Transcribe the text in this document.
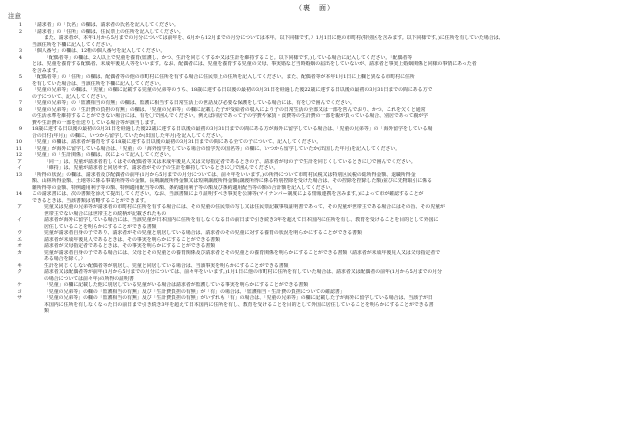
（裏　面）
注意
1 「請求者」の「氏名」の欄は、請求者の氏名を記入してください。
2 「請求者」の「住所」の欄は、住民票上の住所を記入してください。
また、請求者が、本年1月から5月までの月分については前年を、6月から12月までの月分については本年。以下同様です。）1月1日に他の市町村(特別区を含みます。以下同様です。)に住所を有していた場合は、
当該住所を下欄に記入してください。
3 「個人番号」の欄は、12桁の個人番号を記入してください。
4	「配偶者等」の欄は、2人以上で児童を養育(監護し、かつ、生計を同じくするか又は生計を維持すること。以下同様です。)している場合に記入してください。「配偶者等
とは、児童を養育する配偶者、未成年後見人等をいいます。なお、配偶者には、児童を養育する児童の父母、事実婚など当時婚姻の届出をしていないが、請求者と事実上婚姻関係と同様の事情にあった者
を含みます。
5 「配偶者等」の「住所」の欄は、配偶者等の他の市町村に住所を有する場合に住民票上の住所を記入してください。また、配偶者等が本年1月1日に上欄と異なる市町村に住所
を有していた場合は、当該住所を下欄に記入してください。
6 「児童の兄弟等」の欄は、「児童」の欄に記載する児童の兄弟等のうち、18歳に達する日以後の最初の3月31日を経過した後22歳に達する日以後の最初の3月31日までの間にある方で
の子について、記入してください。
7 「児童の兄弟等」の「監護相当の有無」の欄は、監護に相当する日常生活上の世話及び必要な保護をしている場合には、有を〇で囲んでください。
8 「児童の兄弟等」の「生計費の負担の有無」の欄は、「児童の兄弟等」の欄に記載した子が受給者の収入により子の日常生活の全部又は一部を営んでおり、かつ、これを欠くと通常
の生活水準を維持することができない場合には、有を〇で囲んでください。例えば同居であって子の学費や家賃・食費等の生計費の一部を親が負っている場合、別居であって親が学
費や生計費の一部を仕送りしている場合等が該当します。
9 18歳に達する日以後の最初の3月31日を経過した後22歳に達する日以後の最初の3月31日までの間にある方が海外に留学している場合は、「児童の兄弟等」の「海外留学をしている場
合の日付(年月)」の欄に、いつから留学していたか(出国した年月)を記入してください。
10 「児童」の欄は、請求者が養育をする18歳に達する日以後の最初の3月31日までの間にある全ての子について、記入してください。
11 「児童」が海外に留学している場合は、「児童」の「海外留学をしている場合の留学先の国名等」の欄に、いつから留学していたか(出国した年月)を記入してください。
12 「児童」の「生計関係」の欄は、次によって記入してください。
ア	「同一」は、児童が請求者若しくはその配偶者等又は未成年後見人又は父母指定者であるときの子、請求者が母の子で生計を同じくしているときに〇で囲んでください。
イ	「維持」は、児童が請求者と同居せず、請求者がその子の生計を維持しているときに〇で囲んでください。
13 「所得の状況」の欄は、請求者及び配偶者の前年(1月から5月までの月分については、前々年をいいます。)の所得について市町村民税又は特別区民税の総所得金額、退職所得金
額、山林所得金額、土地等に係る事業所得等の金額、長期譲渡所得金額又は短期譲渡所得金額(譲渡所得に係る特別控除を受けた場合は、その控除を控除した額)並びに先物取引に係る
雑所得等の金額、特例適用利子等の額、特例適用配当等の額、条約適用利子等の額及び条約適用配当等の額の合計額を記入してください。
14 この請求書には、次の書類を添えて提出してください。なお、当該書類により証明すべき事実を公簿等(マイナンバー制度による情報連携を含みます。)によって市が確認することが
できるときは、当該書類は省略することができます。
ア	児童又は児童の兄弟等が請求者の市町村に住所を有する場合には、その児童の住民票の写し又は住民票記載事項証明書であって、その児童が世帯主である場合にはその旨、その児童が
世帯主でない場合には世帯主との続柄が記載されたもの
イ	請求者が海外に留学している場合には、当該児童が日本国内に住所を有しなくなる日の前日まで引き続き3年を超えて日本国内に住所を有し、教育を受けることを目的として外国に
居住していることを明らかにすることができる書類
ウ	児童が請求者自身の子であり、請求者がその児童と別居している場合は、請求者のその児童に対する養育の状況を明らかにすることができる書類
エ	請求者が未成年後見人であるときは、その事実を明らかにすることができる書類
オ	請求者が父母指定者であるときは、その事実を明らかにすることができる書類
カ	児童が請求者自身の子である場合には、父母とその児童との養育関係及び請求者とその児童との養育関係を明らかにすることができる書類（請求者が未成年後見人又は父母指定者で
ある場合を除く。）
キ	生計を同じくしない配偶者等が別居し、児童と同居している場合は、当該事実を明らかにすることができる書類
ク	請求者又は配偶者等が前年(1月から5月までの月分については、前々年をいいます。)1月1日に他の市町村に住所を有していた場合は、請求者又は配偶者の前年(1月から5月までの月分
の場合については前々年)の所得の証明書
ケ	「児童」の欄に記載した他に別居している児童がいる場合は請求者が監護している事実を明らかにすることができる書類
コ	「児童の兄弟等」の欄の「監護相当の有無」及び「生計費負担の有無」が「有」の場合は、「監護相当・生計費の負担についての確認書」
サ	「児童の兄弟等」の欄の「監護相当の有無」及び「生計費負担の有無」がいずれも「有」の場合は、「児童の兄弟等」の欄に記載した子が海外に留学している場合は、当該子が日
本国内に住所を有しなくなった日の前日まで引き続き3年を超えて日本国内に住所を有し、教育を受けることを目的として外国に居住していることを明らかにすることができる書
類
